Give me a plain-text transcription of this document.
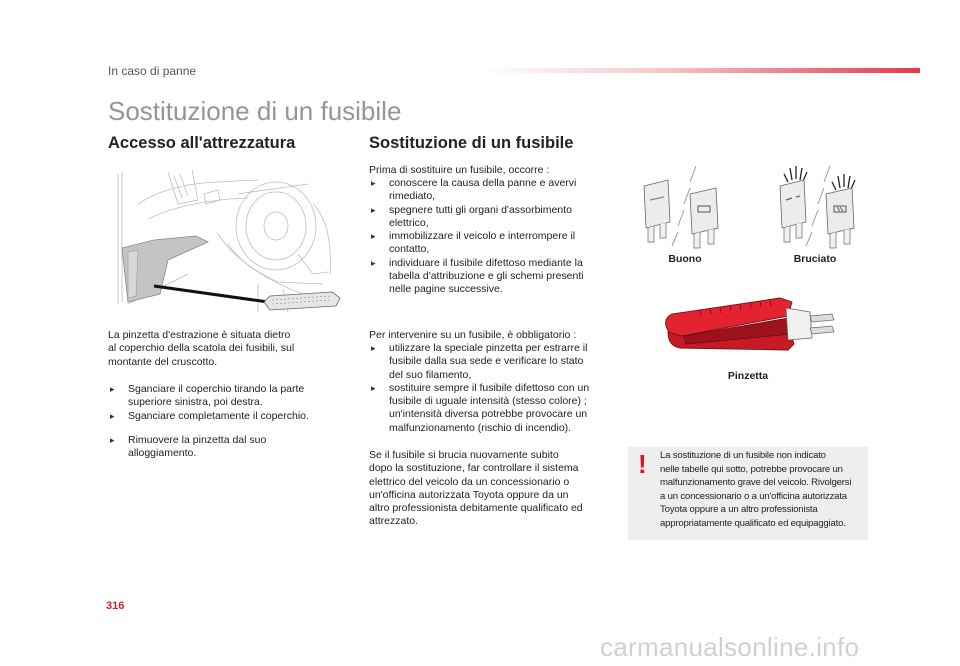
In caso di panne
Sostituzione di un fusibile
Accesso all'attrezzatura
La pinzetta d'estrazione è situata dietro
al coperchio della scatola dei fusibili, sul
montante del cruscotto.
▸ Sganciare il coperchio tirando la parte
superiore sinistra, poi destra.
▸ Sganciare completamente il coperchio.
▸ Rimuovere la pinzetta dal suo
alloggiamento.
Sostituzione di un fusibile
Prima di sostituire un fusibile, occorre :
▸ conoscere la causa della panne e avervi
rimediato,
▸ spegnere tutti gli organi d'assorbimento
elettrico,
▸ immobilizzare il veicolo e interrompere il
contatto,
▸ individuare il fusibile difettoso mediante la
tabella d'attribuzione e gli schemi presenti
nelle pagine successive.
Per intervenire su un fusibile, è obbligatorio :
▸ utilizzare la speciale pinzetta per estrarre il
fusibile dalla sua sede e verificare lo stato
del suo filamento,
▸ sostituire sempre il fusibile difettoso con un
fusibile di uguale intensità (stesso colore) ;
un'intensità diversa potrebbe provocare un
malfunzionamento (rischio di incendio).
Se il fusibile si brucia nuovamente subito
dopo la sostituzione, far controllare il sistema
elettrico del veicolo da un concessionario o
un'officina autorizzata Toyota oppure da un
altro professionista debitamente qualificato ed
attrezzato.
Buono	Bruciato
Pinzetta
! La sostituzione di un fusibile non indicato
nelle tabelle qui sotto, potrebbe provocare un
malfunzionamento grave del veicolo. Rivolgersi
a un concessionario o a un'officina autorizzata
Toyota oppure a un altro professionista
appropriatamente qualificato ed equipaggiato.
316
carmanualsonline.info
